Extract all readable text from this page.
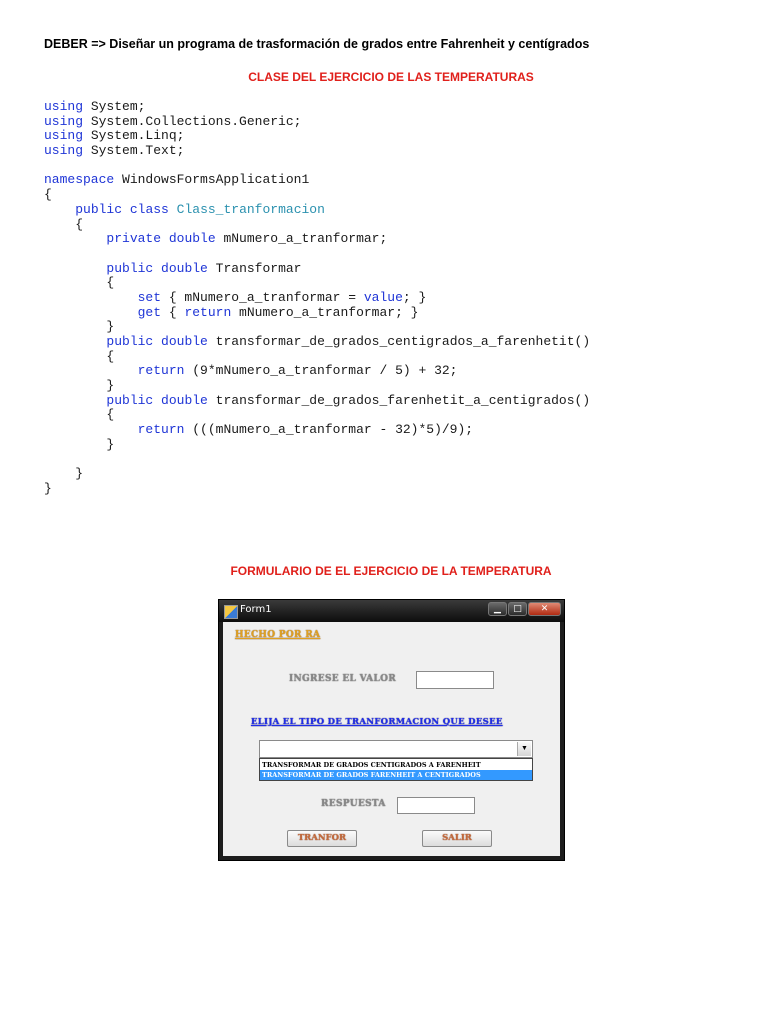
DEBER => Diseñar un programa de trasformación de grados entre Fahrenheit y centígrados
CLASE DEL EJERCICIO DE LAS TEMPERATURAS
using System;
using System.Collections.Generic;
using System.Linq;
using System.Text;
namespace WindowsFormsApplication1
{
public class Class_tranformacion
{
private double mNumero_a_tranformar;
public double Transformar
{
set { mNumero_a_tranformar = value; }
get { return mNumero_a_tranformar; }
}
public double transformar_de_grados_centigrados_a_farenhetit()
{
return (9*mNumero_a_tranformar / 5) + 32;
}
public double transformar_de_grados_farenhetit_a_centigrados()
{
return (((mNumero_a_tranformar - 32)*5)/9);
}
}
}
FORMULARIO DE EL EJERCICIO DE LA TEMPERATURA
Form1	▁	□	✕
HECHO POR RA
INGRESE EL VALOR
ELIJA EL TIPO DE TRANFORMACION QUE DESEE
▼
TRANSFORMAR DE GRADOS CENTIGRADOS A FARENHEIT
TRANSFORMAR DE GRADOS FARENHEIT A CENTIGRADOS
RESPUESTA
TRANFOR	SALIR
